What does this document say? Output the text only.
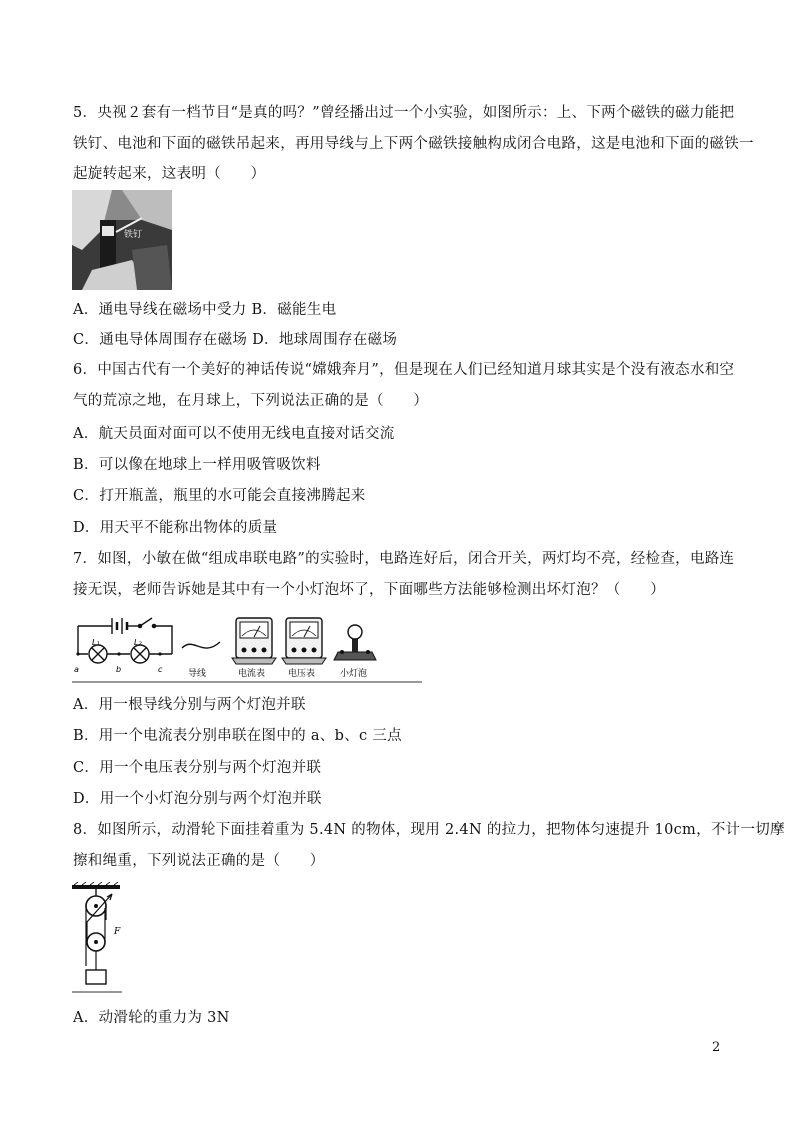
5．央视２套有一档节目“是真的吗？”曾经播出过一个小实验，如图所示：上、下两个磁铁的磁力能把
铁钉、电池和下面的磁铁吊起来，再用导线与上下两个磁铁接触构成闭合电路，这是电池和下面的磁铁一
起旋转起来，这表明（　　）
铁钉
A．通电导线在磁场中受力 B．磁能生电
C．通电导体周围存在磁场 D．地球周围存在磁场
6．中国古代有一个美好的神话传说“嫦娥奔月”，但是现在人们已经知道月球其实是个没有液态水和空
气的荒凉之地，在月球上，下列说法正确的是（　　）
A．航天员面对面可以不使用无线电直接对话交流
B．可以像在地球上一样用吸管吸饮料
C．打开瓶盖，瓶里的水可能会直接沸腾起来
D．用天平不能称出物体的质量
7．如图，小敏在做“组成串联电路”的实验时，电路连好后，闭合开关，两灯均不亮，经检查，电路连
接无误，老师告诉她是其中有一个小灯泡坏了，下面哪些方法能够检测出坏灯泡？（　　）
a	b	c
L₁	L₂
导线	电流表	电压表	小灯泡
A．用一根导线分别与两个灯泡并联
B．用一个电流表分别串联在图中的 a、b、c 三点
C．用一个电压表分别与两个灯泡并联
D．用一个小灯泡分别与两个灯泡并联
8．如图所示，动滑轮下面挂着重为 5.4N 的物体，现用 2.4N 的拉力，把物体匀速提升 10cm，不计一切摩
擦和绳重，下列说法正确的是（　　）
F
A．动滑轮的重力为 3N
2
